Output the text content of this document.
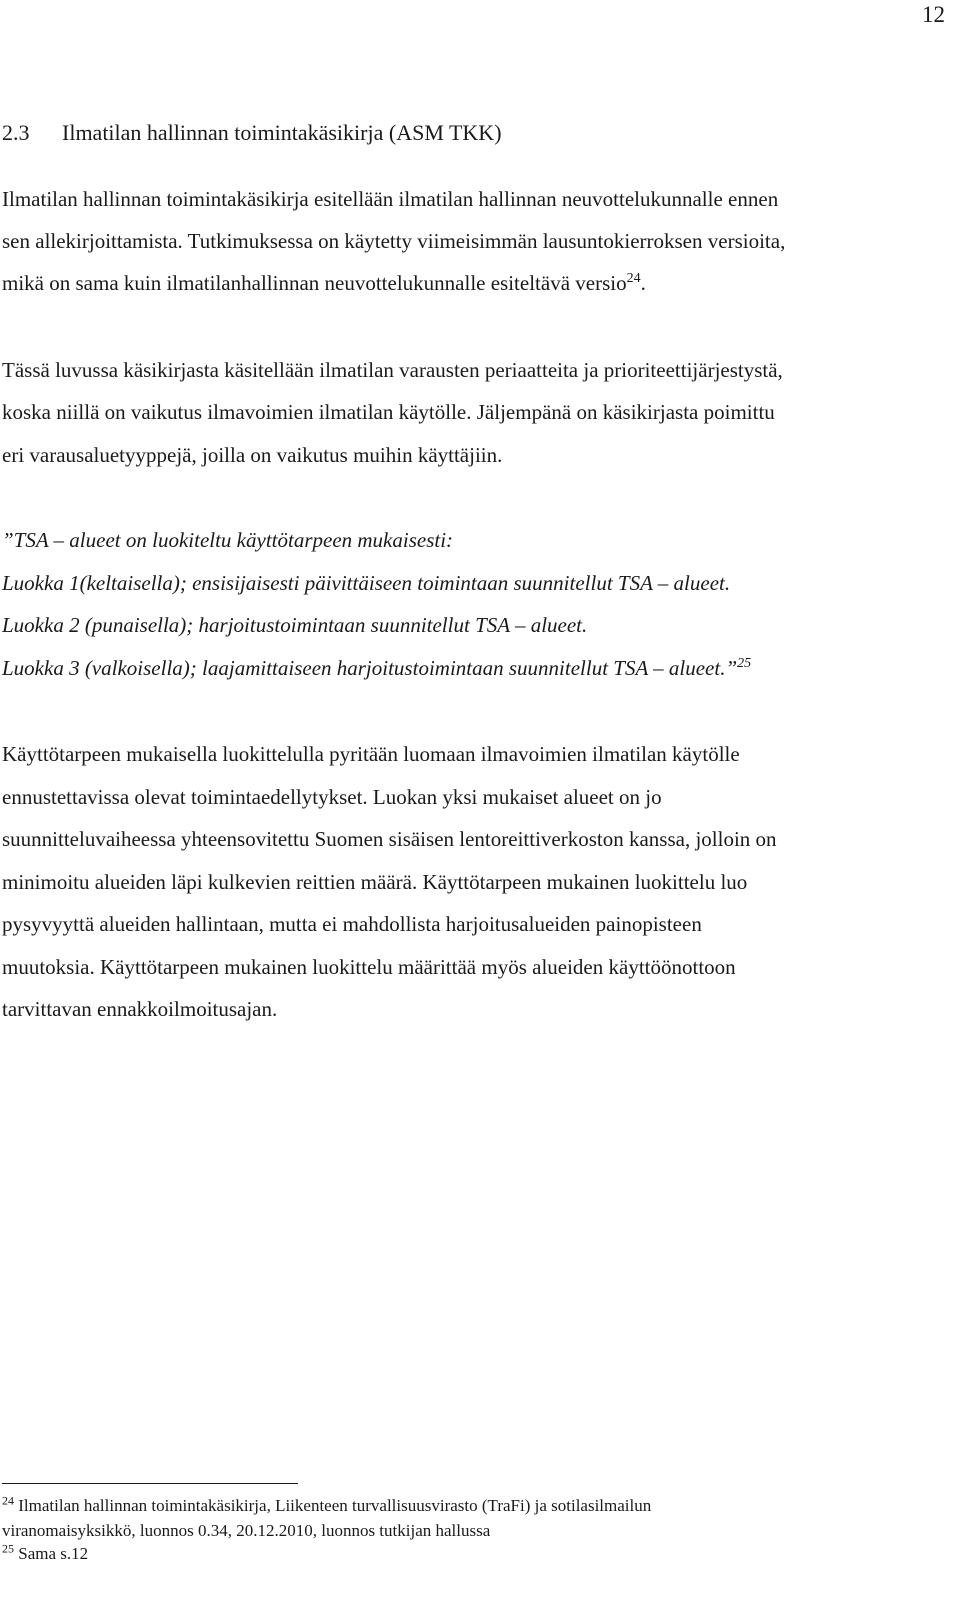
12
2.3 Ilmatilan hallinnan toimintakäsikirja (ASM TKK)
Ilmatilan hallinnan toimintakäsikirja esitellään ilmatilan hallinnan neuvottelukunnalle ennen
sen allekirjoittamista. Tutkimuksessa on käytetty viimeisimmän lausuntokierroksen versioita,
mikä on sama kuin ilmatilanhallinnan neuvottelukunnalle esiteltävä versio$^{24}$.
Tässä luvussa käsikirjasta käsitellään ilmatilan varausten periaatteita ja prioriteettijärjestystä,
koska niillä on vaikutus ilmavoimien ilmatilan käytölle. Jäljempänä on käsikirjasta poimittu
eri varausaluetyyppejä, joilla on vaikutus muihin käyttäjiin.
”TSA – alueet on luokiteltu käyttötarpeen mukaisesti:
Luokka 1(keltaisella); ensisijaisesti päivittäiseen toimintaan suunnitellut TSA – alueet.
Luokka 2 (punaisella); harjoitustoimintaan suunnitellut TSA – alueet.
Luokka 3 (valkoisella); laajamittaiseen harjoitustoimintaan suunnitellut TSA – alueet.”$^{25}$
Käyttötarpeen mukaisella luokittelulla pyritään luomaan ilmavoimien ilmatilan käytölle
ennustettavissa olevat toimintaedellytykset. Luokan yksi mukaiset alueet on jo
suunnitteluvaiheessa yhteensovitettu Suomen sisäisen lentoreittiverkoston kanssa, jolloin on
minimoitu alueiden läpi kulkevien reittien määrä. Käyttötarpeen mukainen luokittelu luo
pysyvyyttä alueiden hallintaan, mutta ei mahdollista harjoitusalueiden painopisteen
muutoksia. Käyttötarpeen mukainen luokittelu määrittää myös alueiden käyttöönottoon
tarvittavan ennakkoilmoitusajan.
$^{24}$ Ilmatilan hallinnan toimintakäsikirja, Liikenteen turvallisuusvirasto (TraFi) ja sotilasilmailun
viranomaisyksikkö, luonnos 0.34, 20.12.2010, luonnos tutkijan hallussa
$^{25}$ Sama s.12
